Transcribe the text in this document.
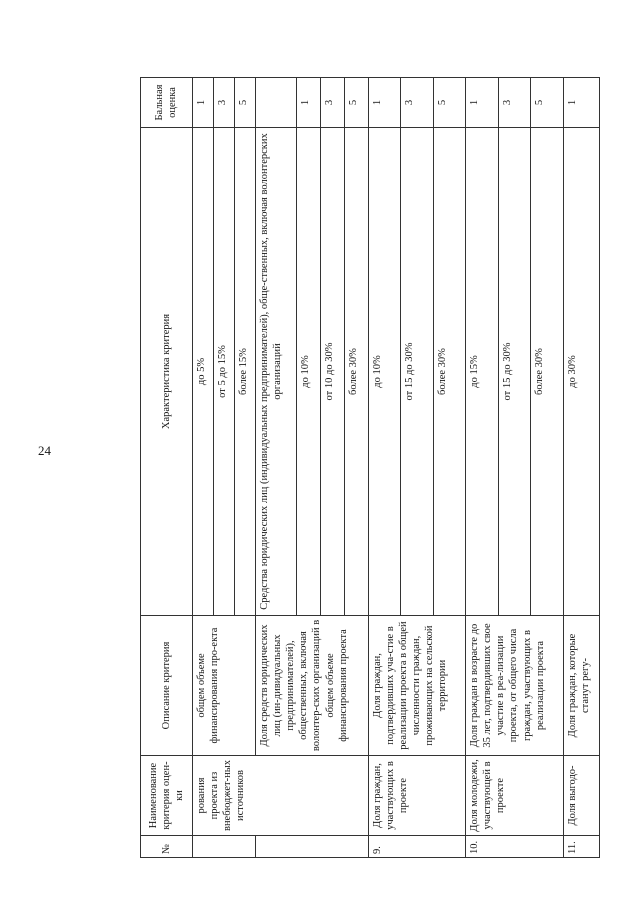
24
№	Наименование критерия оцен-ки	Описание критерия	Характеристика критерия	Бальная оценка
	рования проекта из внебюджет-ных источников	общем объеме финансирования про-екта	до 5%	1
			от 5 до 15%	3
			более 15%	5
		Доля средств юридических лиц (ин-дивидуальных предпринимателей), общественных, включая волонтер-ских организаций в общем объеме финансирования проекта	Средства юридических лиц (индивидуальных предпринимателей), обще-ственных, включая волонтерских организаций	
			до 10%	1
			от 10 до 30%	3
			более 30%	5
9.	Доля граждан, участвующих в проекте	Доля граждан, подтвердивших уча-стие в реализации проекта в общей численности граждан, проживающих на сельской территории	до 10%	1
			от 15 до 30%	3
			более 30%	5
10.	Доля молодежи, участвующей в проекте	Доля граждан в возрасте до 35 лет, подтвердивших свое участие в реа-лизации проекта, от общего числа граждан, участвующих в реализации проекта	до 15%	1
			от 15 до 30%	3
			более 30%	5
11.	Доля выгодо-	Доля граждан, которые станут регу-	до 30%	1
